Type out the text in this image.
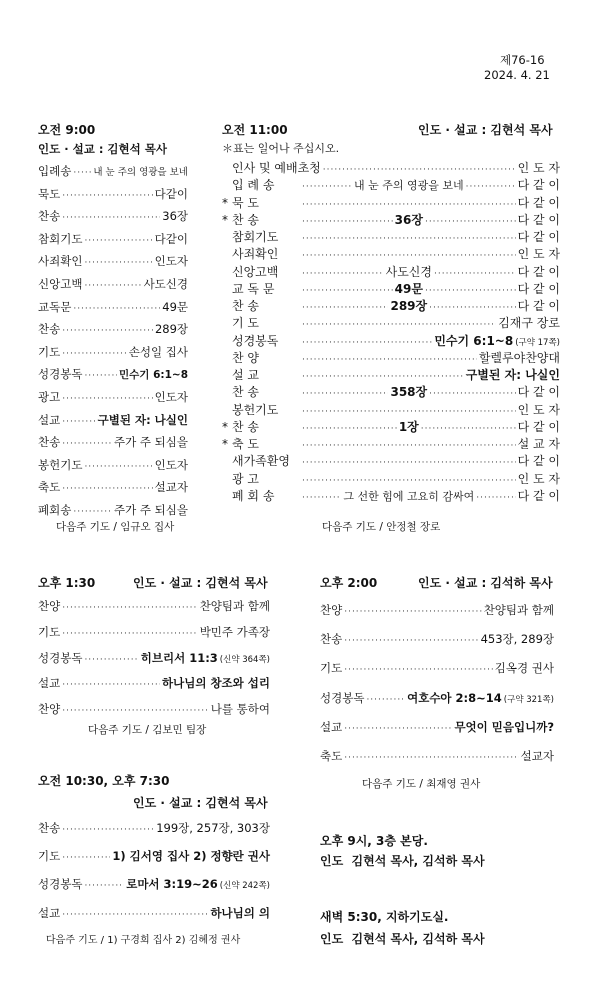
제76-16
2024. 4. 21
오전 9:00
인도 · 설교 : 김현석 목사
입례송 ····· 내 눈 주의 영광을 보네
묵도 ·····	다같이
찬송 ·····	36장
참회기도 ·····	다같이
사죄확인 ·····	인도자
신앙고백 ·····	사도신경
교독문 ·····	49문
찬송 ·····	289장
기도 ·····	손성일 집사
성경봉독 ·····	민수기 6:1~8
광고 ·····	인도자
설교 ·····	구별된 자: 나실인
찬송 ·····	주가 주 되심을
봉헌기도 ·····	인도자
축도 ·····	설교자
폐회송 ·····	주가 주 되심을
다음주 기도 / 임규오 집사
오전 11:00	인도 · 설교 : 김현석 목사
＊표는 일어나 주십시오.
인사 및 예배초청 ·····	인 도 자
입 례 송 ·····	내 눈 주의 영광을 보네 ·····	다 같 이
* 묵 도 ·····	다 같 이
* 찬 송 ·····	36장 ·····	다 같 이
참회기도 ·····	다 같 이
사죄확인 ·····	인 도 자
신앙고백 ·····	사도신경 ·····	다 같 이
교 독 문 ·····	49문 ·····	다 같 이
찬 송 ·····	289장 ·····	다 같 이
기 도 ·····	김재구 장로
성경봉독 ·····	민수기 6:1~8 (구약 17쪽)
찬 양 ·····	할렐루야찬양대
설 교 ·····	구별된 자: 나실인
찬 송 ·····	358장 ·····	다 같 이
봉헌기도 ·····	인 도 자
* 찬 송 ·····	1장 ·····	다 같 이
* 축 도 ·····	설 교 자
새가족환영 ·····	다 같 이
광 고 ·····	인 도 자
폐 회 송 ·····	그 선한 힘에 고요히 감싸여 ·····	다 같 이
다음주 기도 / 안정철 장로
오후 1:30	인도 · 설교 : 김현석 목사
찬양 ·····	찬양팀과 함께
기도 ·····	박민주 가족장
성경봉독 ·····	히브리서 11:3 (신약 364쪽)
설교 ·····	하나님의 창조와 섭리
찬양 ·····	나를 통하여
다음주 기도 / 김보민 팀장
오후 2:00	인도 · 설교 : 김석하 목사
찬양 ·····	찬양팀과 함께
찬송 ·····	453장, 289장
기도 ·····	김옥경 권사
성경봉독 ·····	여호수아 2:8~14 (구약 321쪽)
설교 ·····	무엇이 믿음입니까?
축도 ·····	설교자
다음주 기도 / 최재영 권사
오전 10:30, 오후 7:30
인도 · 설교 : 김현석 목사
찬송 ·····	199장, 257장, 303장
기도 ·····	1) 김서영 집사 2) 정향란 권사
성경봉독 ·····	로마서 3:19~26 (신약 242쪽)
설교 ·····	하나님의 의
다음주 기도 / 1) 구경희 집사 2) 김혜정 권사
오후 9시, 3층 본당.
인도 김현석 목사, 김석하 목사
새벽 5:30, 지하기도실.
인도 김현석 목사, 김석하 목사
